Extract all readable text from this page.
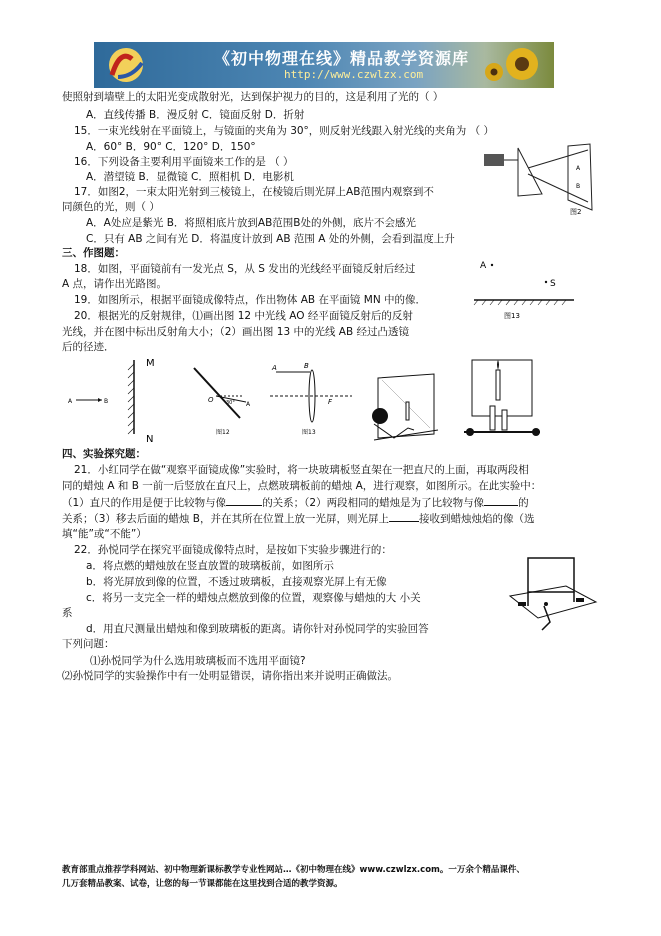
《初中物理在线》精品教学资源库
http://www.czwlzx.com
使照射到墙壁上的太阳光变成散射光，达到保护视力的目的，这是利用了光的（ ）
A．直线传播 B．漫反射 C．镜面反射 D．折射
15．一束光线射在平面镜上，与镜面的夹角为 30°，则反射光线跟入射光线的夹角为 （ ）
A．60° B．90° C．120° D．150°
16．下列设备主要利用平面镜来工作的是 （ ）
A．潜望镜 B．显微镜 C．照相机 D．电影机
17．如图2，一束太阳光射到三棱镜上，在棱镜后則光屏上AB范围内观察到不
同颜色的光，则（ ）
A．A处应是紫光 B．将照相底片放到AB范围B处的外侧，底片不会感光
C．只有 AB 之间有光 D．将温度计放到 AB 范围 A 处的外侧，会看到温度上升
三、作图题：
18．如图，平面镜前有一发光点 S，从 S 发出的光线经平面镜反射后经过
A 点，请作出光路图。
19．如图所示，根据平面镜成像特点，作出物体 AB 在平面镜 MN 中的像．
20．根据光的反射规律，⑴画出图 12 中光线 AO 经平面镜反射后的反射
光线，并在图中标出反射角大小；（2）画出图 13 中的光线 AB 经过凸透镜
后的径迹．
四、实验探究题：
21．小红同学在做“观察平面镜成像”实验时，将一块玻璃板竖直架在一把直尺的上面，再取两段相
同的蜡烛 A 和 B 一前一后竖放在直尺上，点燃玻璃板前的蜡烛 A，进行观察，如图所示。在此实验中：
（1）直尺的作用是便于比较物与像	的关系；（2）两段相同的蜡烛是为了比较物与像	的
关系；（3）移去后面的蜡烛 B，并在其所在位置上放一光屏，则光屏上	接收到蜡烛烛焰的像（选
填“能”或“不能”）
22．孙悦同学在探究平面镜成像特点时，是按如下实验步骤进行的：
a．将点燃的蜡烛放在竖直放置的玻璃板前，如图所示
b．将光屏放到像的位置，不透过玻璃板，直接观察光屏上有无像
c．将另一支完全一样的蜡烛点燃放到像的位置，观察像与蜡烛的大 小关
系
d．用直尺测量出蜡烛和像到玻璃板的距离。请你针对孙悦同学的实验回答
下列问题：
⑴孙悦同学为什么选用玻璃板而不选用平面镜?
⑵孙悦同学的实验操作中有一处明显错误，请你指出来并说明正确做法。
A
B
图2
A
S
图13
M
N
A	B	O 30° A
图12
A	B
F
图13
教育部重点推荐学科网站、初中物理新课标教学专业性网站…《初中物理在线》www.czwlzx.com。一万余个精品课件、
几万套精品教案、试卷，让您的每一节课都能在这里找到合适的教学资源。
